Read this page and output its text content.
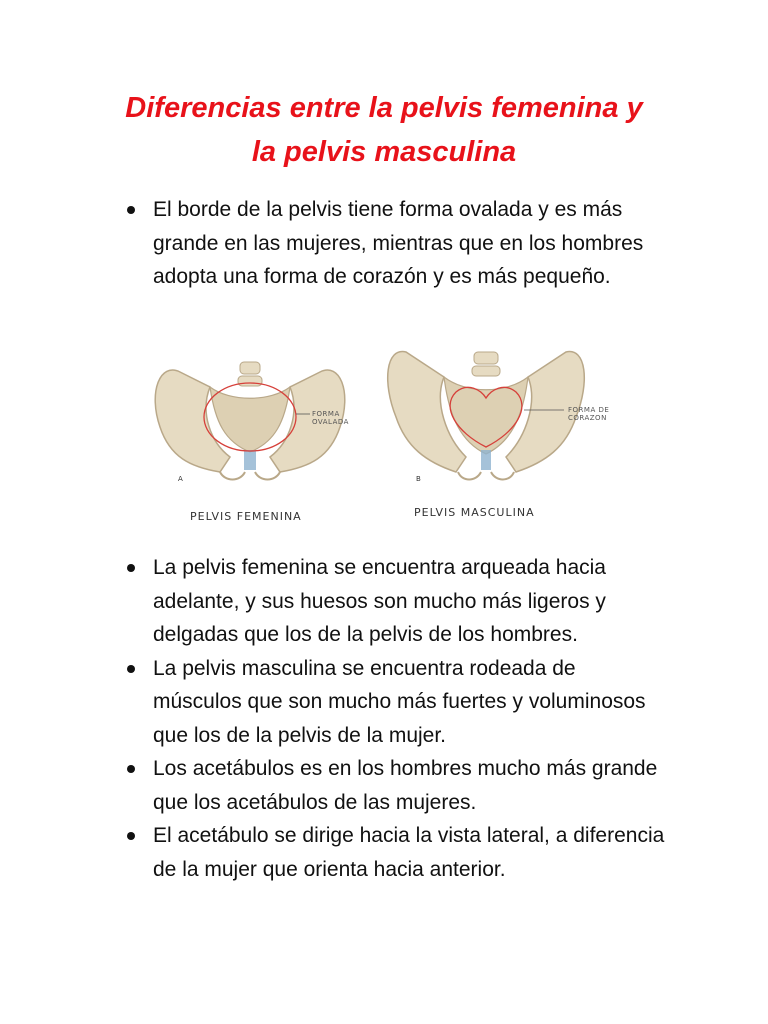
Diferencias entre la pelvis femenina y
la pelvis masculina
El borde de la pelvis tiene forma ovalada y es más grande en las mujeres, mientras que en los hombres adopta una forma de corazón y es más pequeño.
FORMA
OVALADA
FORMA DE
CORAZON
A	B
PELVIS FEMENINA	PELVIS MASCULINA
La pelvis femenina se encuentra arqueada hacia adelante, y sus huesos son mucho más ligeros y delgadas que los de la pelvis de los hombres.
La pelvis masculina se encuentra rodeada de músculos que son mucho más fuertes y voluminosos que los de la pelvis de la mujer.
Los acetábulos es en los hombres mucho más grande que los acetábulos de las mujeres.
El acetábulo se dirige hacia la vista lateral, a diferencia de la mujer que orienta hacia anterior.
